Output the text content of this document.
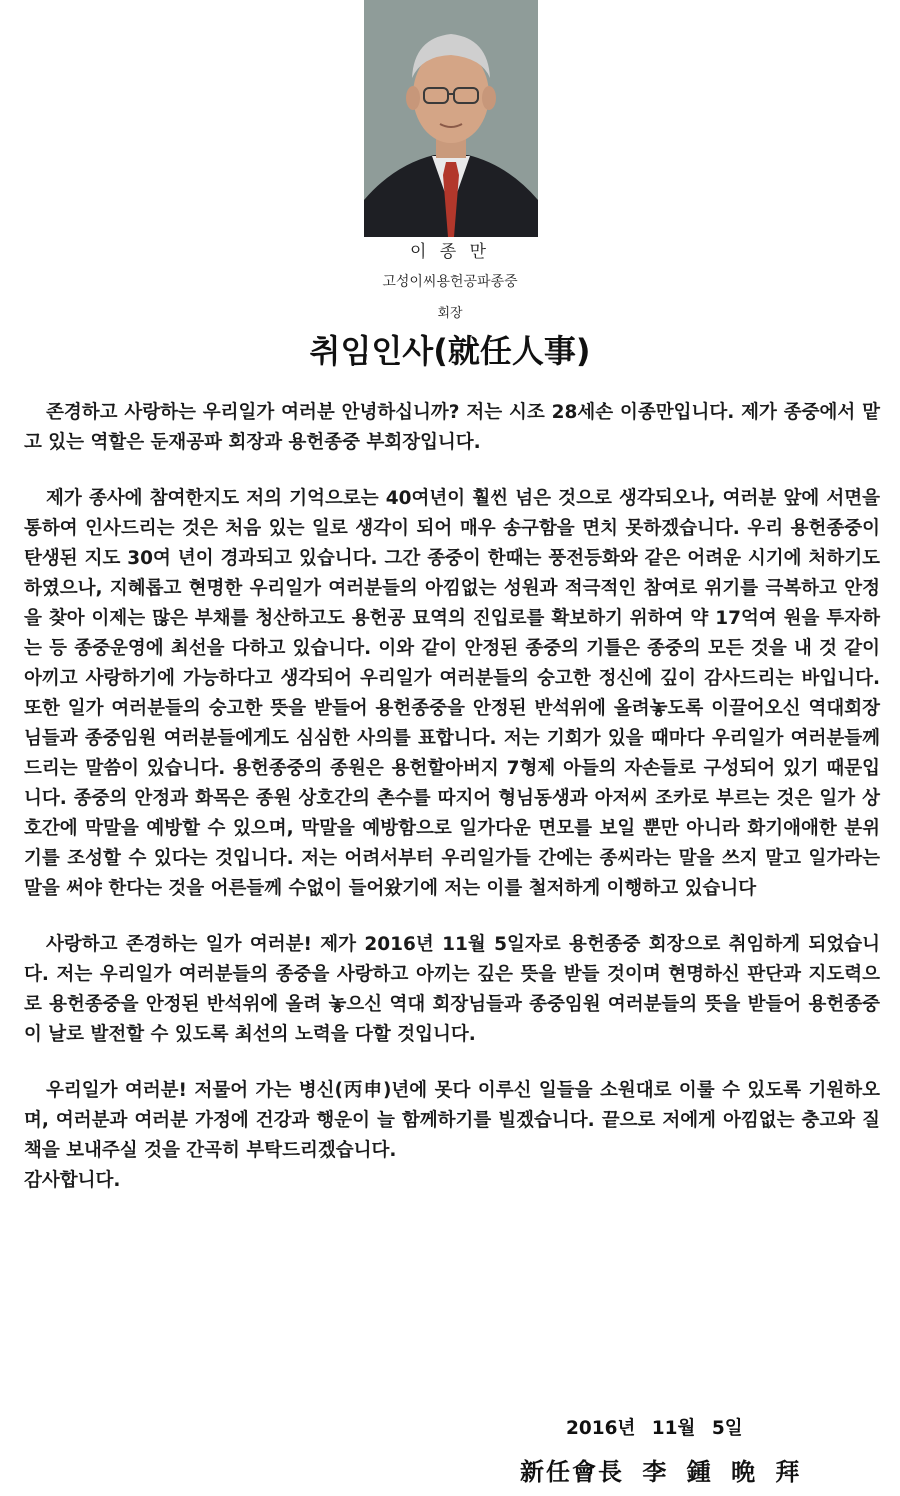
이 종 만
고성이씨용헌공파종중
회장
취임인사(就任人事)

존경하고 사랑하는 우리일가 여러분 안녕하십니까? 저는 시조 28세손 이종만입니다. 제가 종중에서 맡고 있는 역할은 둔재공파 회장과 용헌종중 부회장입니다.

제가 종사에 참여한지도 저의 기억으로는 40여년이 훨씬 넘은 것으로 생각되오나, 여러분 앞에 서면을 통하여 인사드리는 것은 처음 있는 일로 생각이 되어 매우 송구함을 면치 못하겠습니다. 우리 용헌종중이 탄생된 지도 30여 년이 경과되고 있습니다. 그간 종중이 한때는 풍전등화와 같은 어려운 시기에 처하기도 하였으나, 지혜롭고 현명한 우리일가 여러분들의 아낌없는 성원과 적극적인 참여로 위기를 극복하고 안정을 찾아 이제는 많은 부채를 청산하고도 용헌공 묘역의 진입로를 확보하기 위하여 약 17억여 원을 투자하는 등 종중운영에 최선을 다하고 있습니다. 이와 같이 안정된 종중의 기틀은 종중의 모든 것을 내 것 같이 아끼고 사랑하기에 가능하다고 생각되어 우리일가 여러분들의 숭고한 정신에 깊이 감사드리는 바입니다. 또한 일가 여러분들의 숭고한 뜻을 받들어 용헌종중을 안정된 반석위에 올려놓도록 이끌어오신 역대회장님들과 종중임원 여러분들에게도 심심한 사의를 표합니다. 저는 기회가 있을 때마다 우리일가 여러분들께 드리는 말씀이 있습니다. 용헌종중의 종원은 용헌할아버지 7형제 아들의 자손들로 구성되어 있기 때문입니다. 종중의 안정과 화목은 종원 상호간의 촌수를 따지어 형님동생과 아저씨 조카로 부르는 것은 일가 상호간에 막말을 예방할 수 있으며, 막말을 예방함으로 일가다운 면모를 보일 뿐만 아니라 화기애애한 분위기를 조성할 수 있다는 것입니다. 저는 어려서부터 우리일가들 간에는 종씨라는 말을 쓰지 말고 일가라는 말을 써야 한다는 것을 어른들께 수없이 들어왔기에 저는 이를 철저하게 이행하고 있습니다

사랑하고 존경하는 일가 여러분! 제가 2016년 11월 5일자로 용헌종중 회장으로 취임하게 되었습니다. 저는 우리일가 여러분들의 종중을 사랑하고 아끼는 깊은 뜻을 받들 것이며 현명하신 판단과 지도력으로 용헌종중을 안정된 반석위에 올려 놓으신 역대 회장님들과 종중임원 여러분들의 뜻을 받들어 용헌종중이 날로 발전할 수 있도록 최선의 노력을 다할 것입니다.

우리일가 여러분! 저물어 가는 병신(丙申)년에 못다 이루신 일들을 소원대로 이룰 수 있도록 기원하오며, 여러분과 여러분 가정에 건강과 행운이 늘 함께하기를 빌겠습니다. 끝으로 저에게 아낌없는 충고와 질책을 보내주실 것을 간곡히 부탁드리겠습니다.
감사합니다.

2016년 11월 5일
新任會長 李 鍾 晩 拜
